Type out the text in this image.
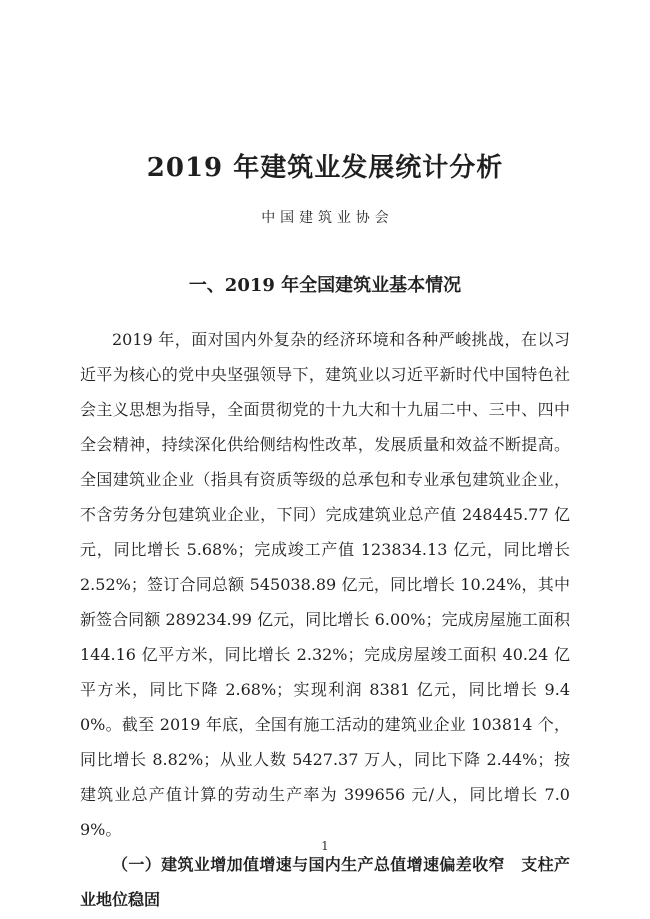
2019 年建筑业发展统计分析
中国建筑业协会
一、2019 年全国建筑业基本情况

2019 年，面对国内外复杂的经济环境和各种严峻挑战，在以习近平为核心的党中央坚强领导下，建筑业以习近平新时代中国特色社会主义思想为指导，全面贯彻党的十九大和十九届二中、三中、四中全会精神，持续深化供给侧结构性改革，发展质量和效益不断提高。全国建筑业企业（指具有资质等级的总承包和专业承包建筑业企业，不含劳务分包建筑业企业，下同）完成建筑业总产值 248445.77 亿元，同比增长 5.68%；完成竣工产值 123834.13 亿元，同比增长 2.52%；签订合同总额 545038.89 亿元，同比增长 10.24%，其中新签合同额 289234.99 亿元，同比增长 6.00%；完成房屋施工面积 144.16 亿平方米，同比增长 2.32%；完成房屋竣工面积 40.24 亿平方米，同比下降 2.68%；实现利润 8381 亿元，同比增长 9.40%。截至 2019 年底，全国有施工活动的建筑业企业 103814 个，同比增长 8.82%；从业人数 5427.37 万人，同比下降 2.44%；按建筑业总产值计算的劳动生产率为 399656 元/人，同比增长 7.09%。

（一）建筑业增加值增速与国内生产总值增速偏差收窄　支柱产业地位稳固

1
